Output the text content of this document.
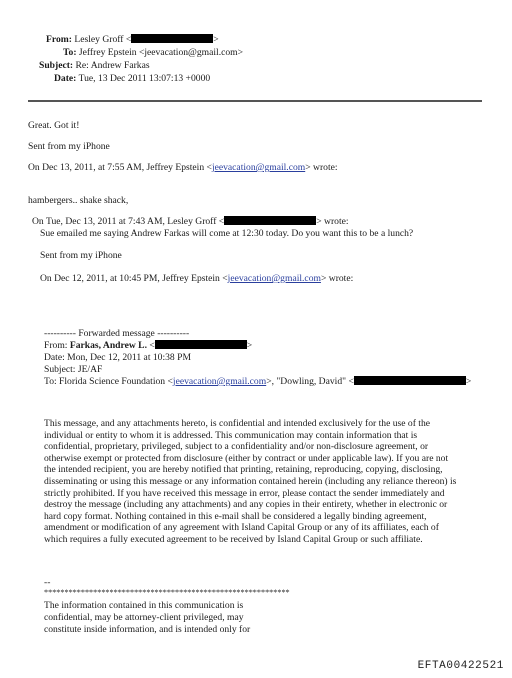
From: Lesley Groff <	>
To: Jeffrey Epstein <jeevacation@gmail.com>
Subject: Re: Andrew Farkas
Date: Tue, 13 Dec 2011 13:07:13 +0000
Great. Got it!
Sent from my iPhone
On Dec 13, 2011, at 7:55 AM, Jeffrey Epstein <jeevacation@gmail.com> wrote:
hambergers.. shake shack,
On Tue, Dec 13, 2011 at 7:43 AM, Lesley Groff <	> wrote:
Sue emailed me saying Andrew Farkas will come at 12:30 today. Do you want this to be a lunch?
Sent from my iPhone
On Dec 12, 2011, at 10:45 PM, Jeffrey Epstein <jeevacation@gmail.com> wrote:
---------- Forwarded message ----------
From: Farkas, Andrew L. <	>
Date: Mon, Dec 12, 2011 at 10:38 PM
Subject: JE/AF
To: Florida Science Foundation <jeevacation@gmail.com>, "Dowling, David" <	>
This message, and any attachments hereto, is confidential and intended exclusively for the use of the
individual or entity to whom it is addressed. This communication may contain information that is
confidential, proprietary, privileged, subject to a confidentiality and/or non-disclosure agreement, or
otherwise exempt or protected from disclosure (either by contract or under applicable law). If you are not
the intended recipient, you are hereby notified that printing, retaining, reproducing, copying, disclosing,
disseminating or using this message or any information contained herein (including any reliance thereon) is
strictly prohibited. If you have received this message in error, please contact the sender immediately and
destroy the message (including any attachments) and any copies in their entirety, whether in electronic or
hard copy format. Nothing contained in this e-mail shall be considered a legally binding agreement,
amendment or modification of any agreement with Island Capital Group or any of its affiliates, each of
which requires a fully executed agreement to be received by Island Capital Group or such affiliate.
--
************************************************************
The information contained in this communication is
confidential, may be attorney-client privileged, may
constitute inside information, and is intended only for
EFTA00422521
